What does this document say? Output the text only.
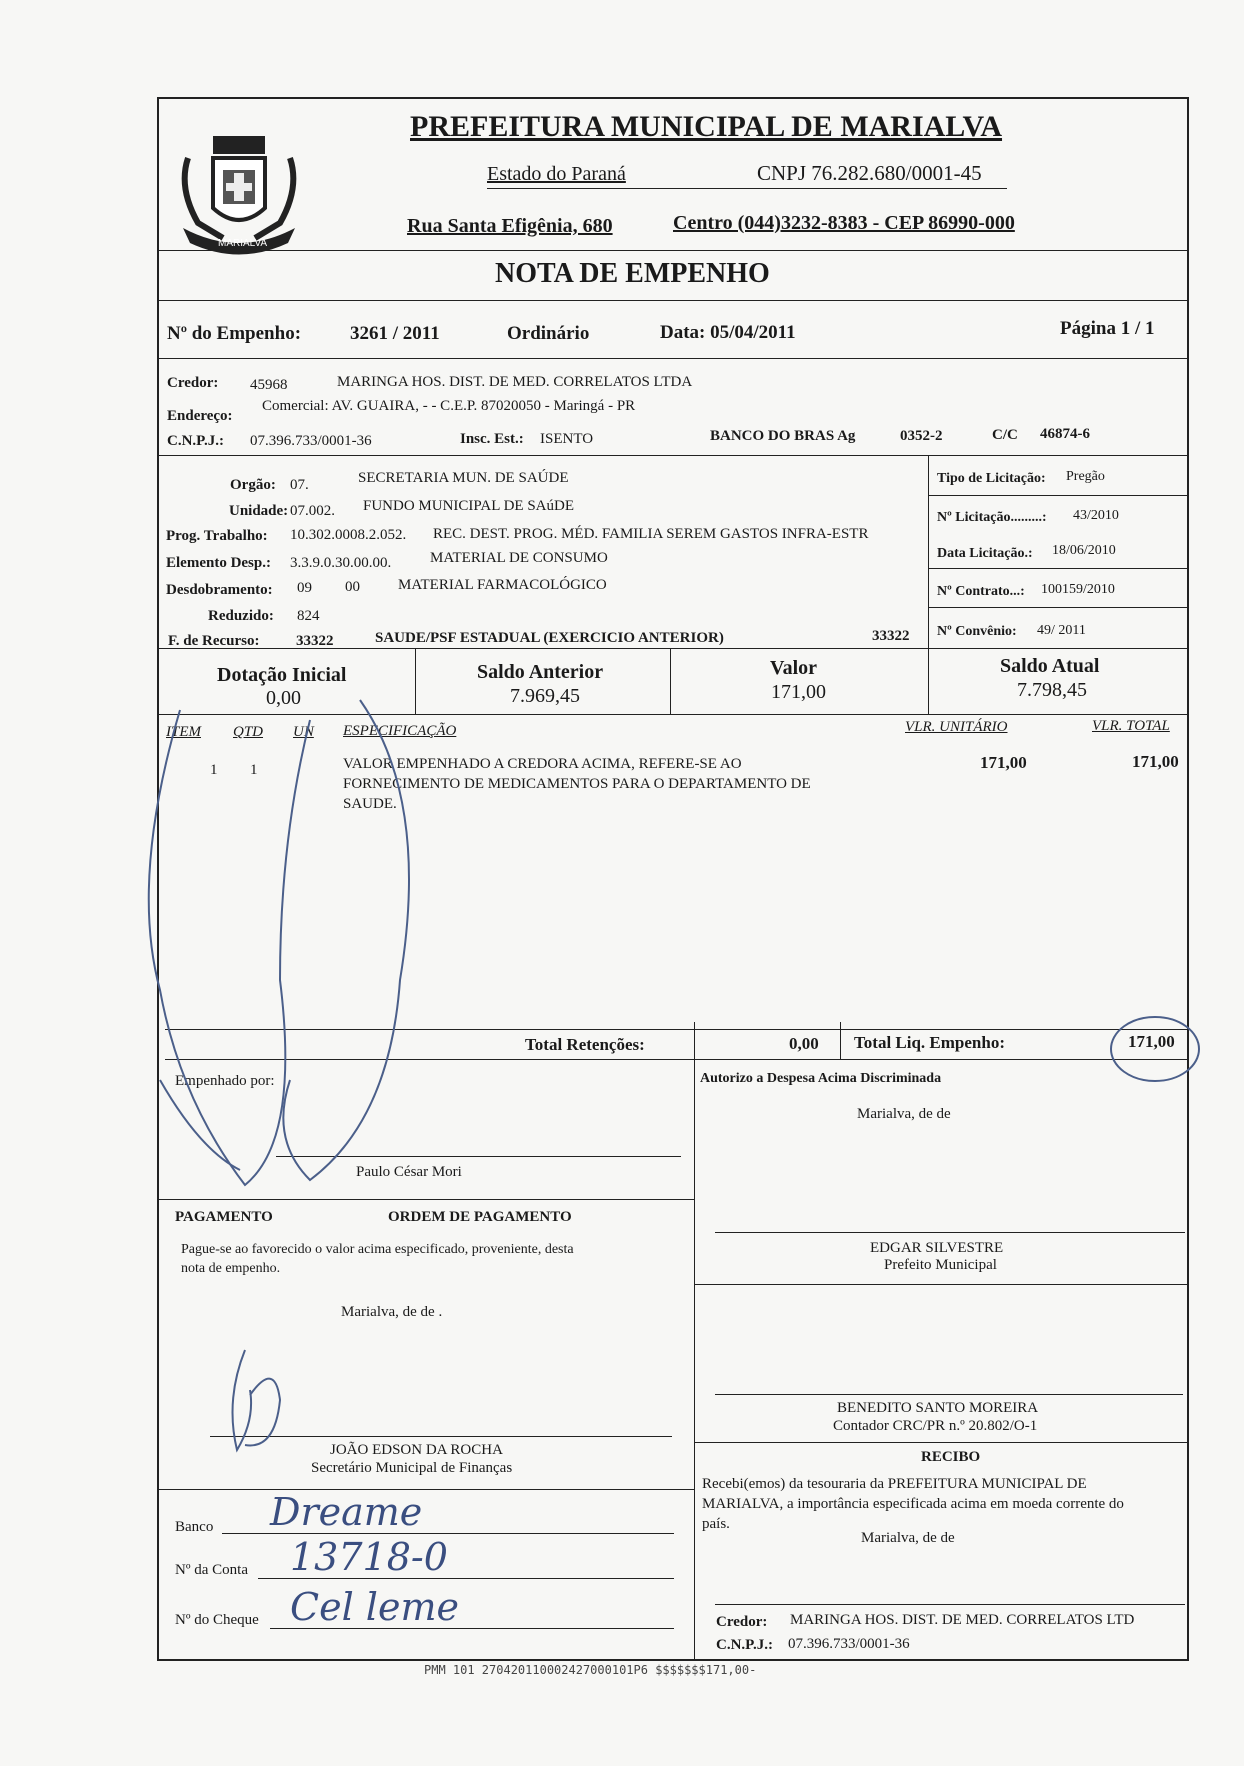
MARIALVA
PREFEITURA MUNICIPAL DE MARIALVA
Estado do Paraná	CNPJ 76.282.680/0001-45
Rua Santa Efigênia, 680	Centro (044)3232-8383 - CEP 86990-000
NOTA DE EMPENHO
Nº do Empenho:	3261 / 2011	Ordinário	Data: 05/04/2011	Página 1 / 1
Credor: 45968	MARINGA HOS. DIST. DE MED. CORRELATOS LTDA
Endereço:
Comercial: AV. GUAIRA, - - C.E.P. 87020050 - Maringá - PR
C.N.P.J.: 07.396.733/0001-36	Insc. Est.: ISENTO	BANCO DO BRAS Ag	0352-2	C/C 46874-6
Orgão: 07.	SECRETARIA MUN. DE SAÚDE
Unidade: 07.002. FUNDO MUNICIPAL DE SAúDE
Prog. Trabalho: 10.302.0008.2.052. REC. DEST. PROG. MÉD. FAMILIA SEREM GASTOS INFRA-ESTR
Elemento Desp.: 3.3.9.0.30.00.00.	MATERIAL DE CONSUMO
Desdobramento: 09 00	MATERIAL FARMACOLÓGICO
Reduzido: 824
F. de Recurso: 33322	SAUDE/PSF ESTADUAL (EXERCICIO ANTERIOR)	33322
Tipo de Licitação: Pregão
Nº Licitação.........: 43/2010
Data Licitação.: 18/06/2010
Nº Contrato...: 100159/2010
Nº Convênio: 49/ 2011
Dotação Inicial
0,00
Saldo Anterior
7.969,45
Valor
171,00
Saldo Atual
7.798,45
ITEM QTD UN ESPECIFICAÇÃO	VLR. UNITÁRIO	VLR. TOTAL
1 1	VALOR EMPENHADO A CREDORA ACIMA, REFERE-SE AO
FORNECIMENTO DE MEDICAMENTOS PARA O DEPARTAMENTO DE
SAUDE.
171,00	171,00
Total Retenções:	0,00 Total Liq. Empenho:	171,00
Empenhado por:
Paulo César Mori
PAGAMENTO	ORDEM DE PAGAMENTO
Pague-se ao favorecido o valor acima especificado, proveniente, desta
nota de empenho.
Marialva, de de .
JOÃO EDSON DA ROCHA
Secretário Municipal de Finanças
Banco Dreame
Nº da Conta 13718-0
Nº do Cheque Cel leme
Autorizo a Despesa Acima Discriminada
Marialva, de de
EDGAR SILVESTRE
Prefeito Municipal
BENEDITO SANTO MOREIRA
Contador CRC/PR n.º 20.802/O-1
RECIBO
Recebi(emos) da tesouraria da PREFEITURA MUNICIPAL DE
MARIALVA, a importância especificada acima em moeda corrente do
país.
Marialva, de de
Credor: MARINGA HOS. DIST. DE MED. CORRELATOS LTD
C.N.P.J.: 07.396.733/0001-36
PMM 101 270420110002427000101P6 $$$$$$$171,00-
